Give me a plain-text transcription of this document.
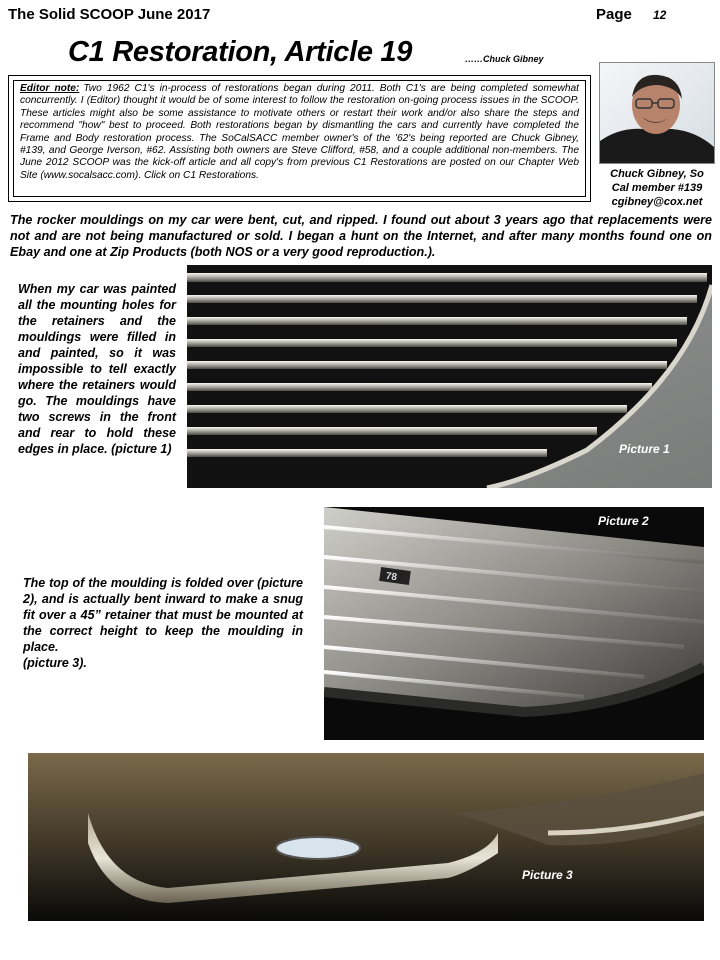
The Solid SCOOP June 2017	Page 12
C1 Restoration, Article 19	……Chuck Gibney
Editor note: Two 1962 C1's in-process of restorations began during 2011. Both C1's are being completed somewhat concurrently. I (Editor) thought it would be of some interest to follow the restoration on-going process issues in the SCOOP. These articles might also be some assistance to motivate others or restart their work and/or also share the steps and recommend "how" best to proceed. Both restorations began by dismantling the cars and currently have completed the Frame and Body restoration process. The SoCalSACC member owner's of the '62's being reported are Chuck Gibney, #139, and George Iverson, #62. Assisting both owners are Steve Clifford, #58, and a couple additional non-members. The June 2012 SCOOP was the kick-off article and all copy's from previous C1 Restorations are posted on our Chapter Web Site (www.socalsacc.com). Click on C1 Restorations.	Chuck Gibney, So
Cal member #139
cgibney@cox.net
The rocker mouldings on my car were bent, cut, and ripped. I found out about 3 years ago that replacements were not and are not being manufactured or sold. I began a hunt on the Internet, and after many months found one on Ebay and one at Zip Products (both NOS or a very good reproduction.).
When my car was painted all the mounting holes for the retainers and the mouldings were filled in and painted, so it was impossible to tell exactly where the retainers would go. The mouldings have two screws in the front and rear to hold these edges in place. (picture 1)	Picture 1
78
Picture 2
The top of the moulding is folded over (picture 2), and is actually bent inward to make a snug fit over a 45” retainer that must be mounted at the correct height to keep the moulding in place.
(picture 3).
Picture 3
